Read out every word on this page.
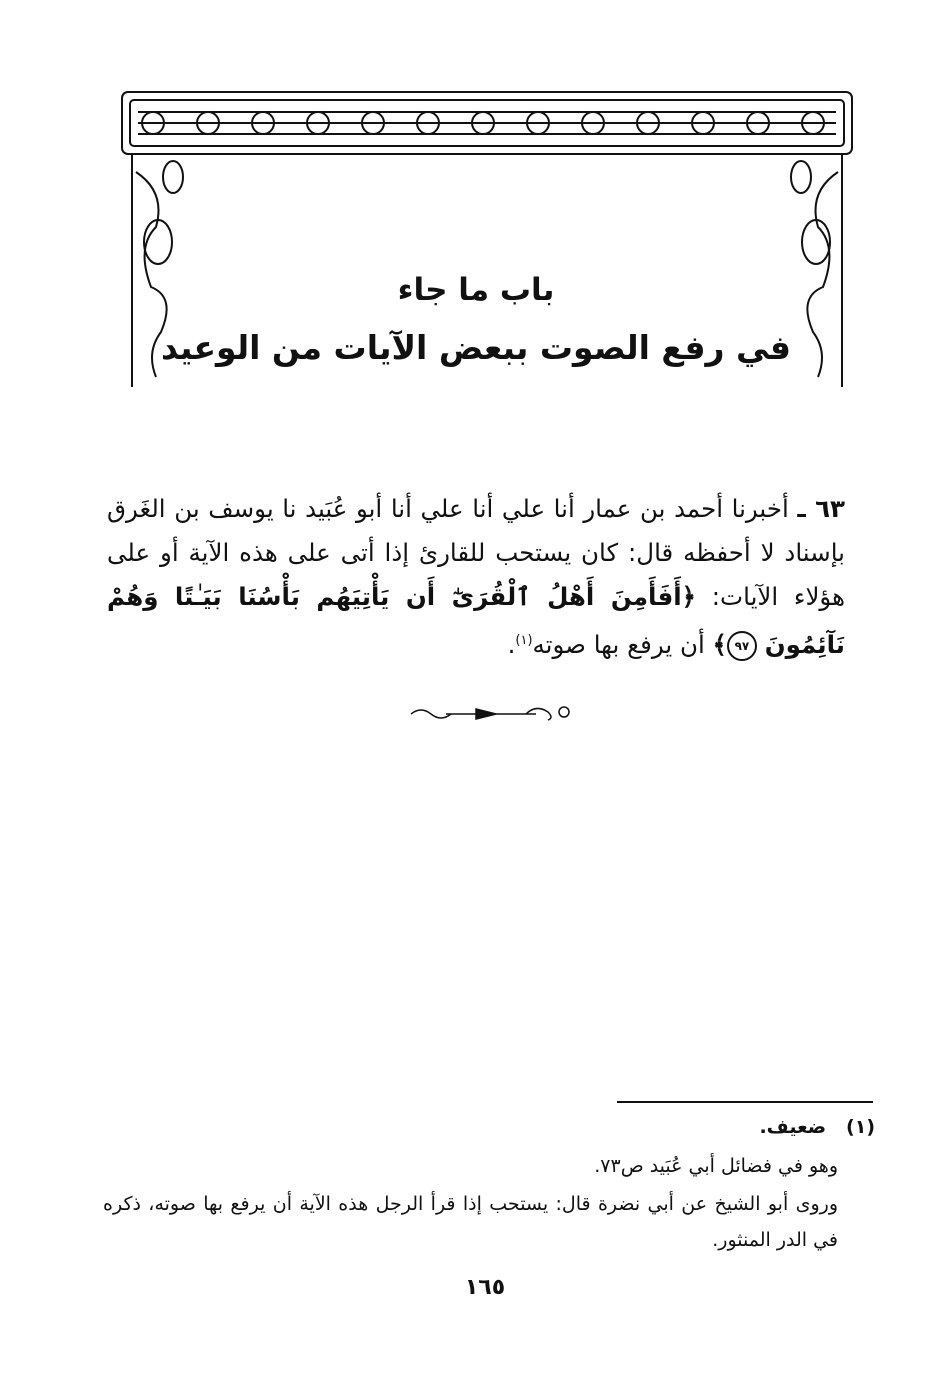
باب ما جاء
في رفع الصوت ببعض الآيات من الوعيد
٦٣ ـ أخبرنا أحمد بن عمار أنا علي أنا علي أنا أبو عُبَيد نا يوسف بن الغَرق بإسناد لا أحفظه قال: كان يستحب للقارئ إذا أتى على هذه الآية أو على هؤلاء الآيات: ﴿أَفَأَمِنَ أَهْلُ ٱلْقُرَىٰٓ أَن يَأْتِيَهُم بَأْسُنَا بَيَـٰتًا وَهُمْ نَآئِمُونَ ٩٧﴾ أن يرفع بها صوته$^{(١)}$.
(١)   ضعيف.
وهو في فضائل أبي عُبَيد ص٧٣.
وروى أبو الشيخ عن أبي نضرة قال: يستحب إذا قرأ الرجل هذه الآية أن يرفع بها صوته، ذكره في الدر المنثور.
١٦٥
